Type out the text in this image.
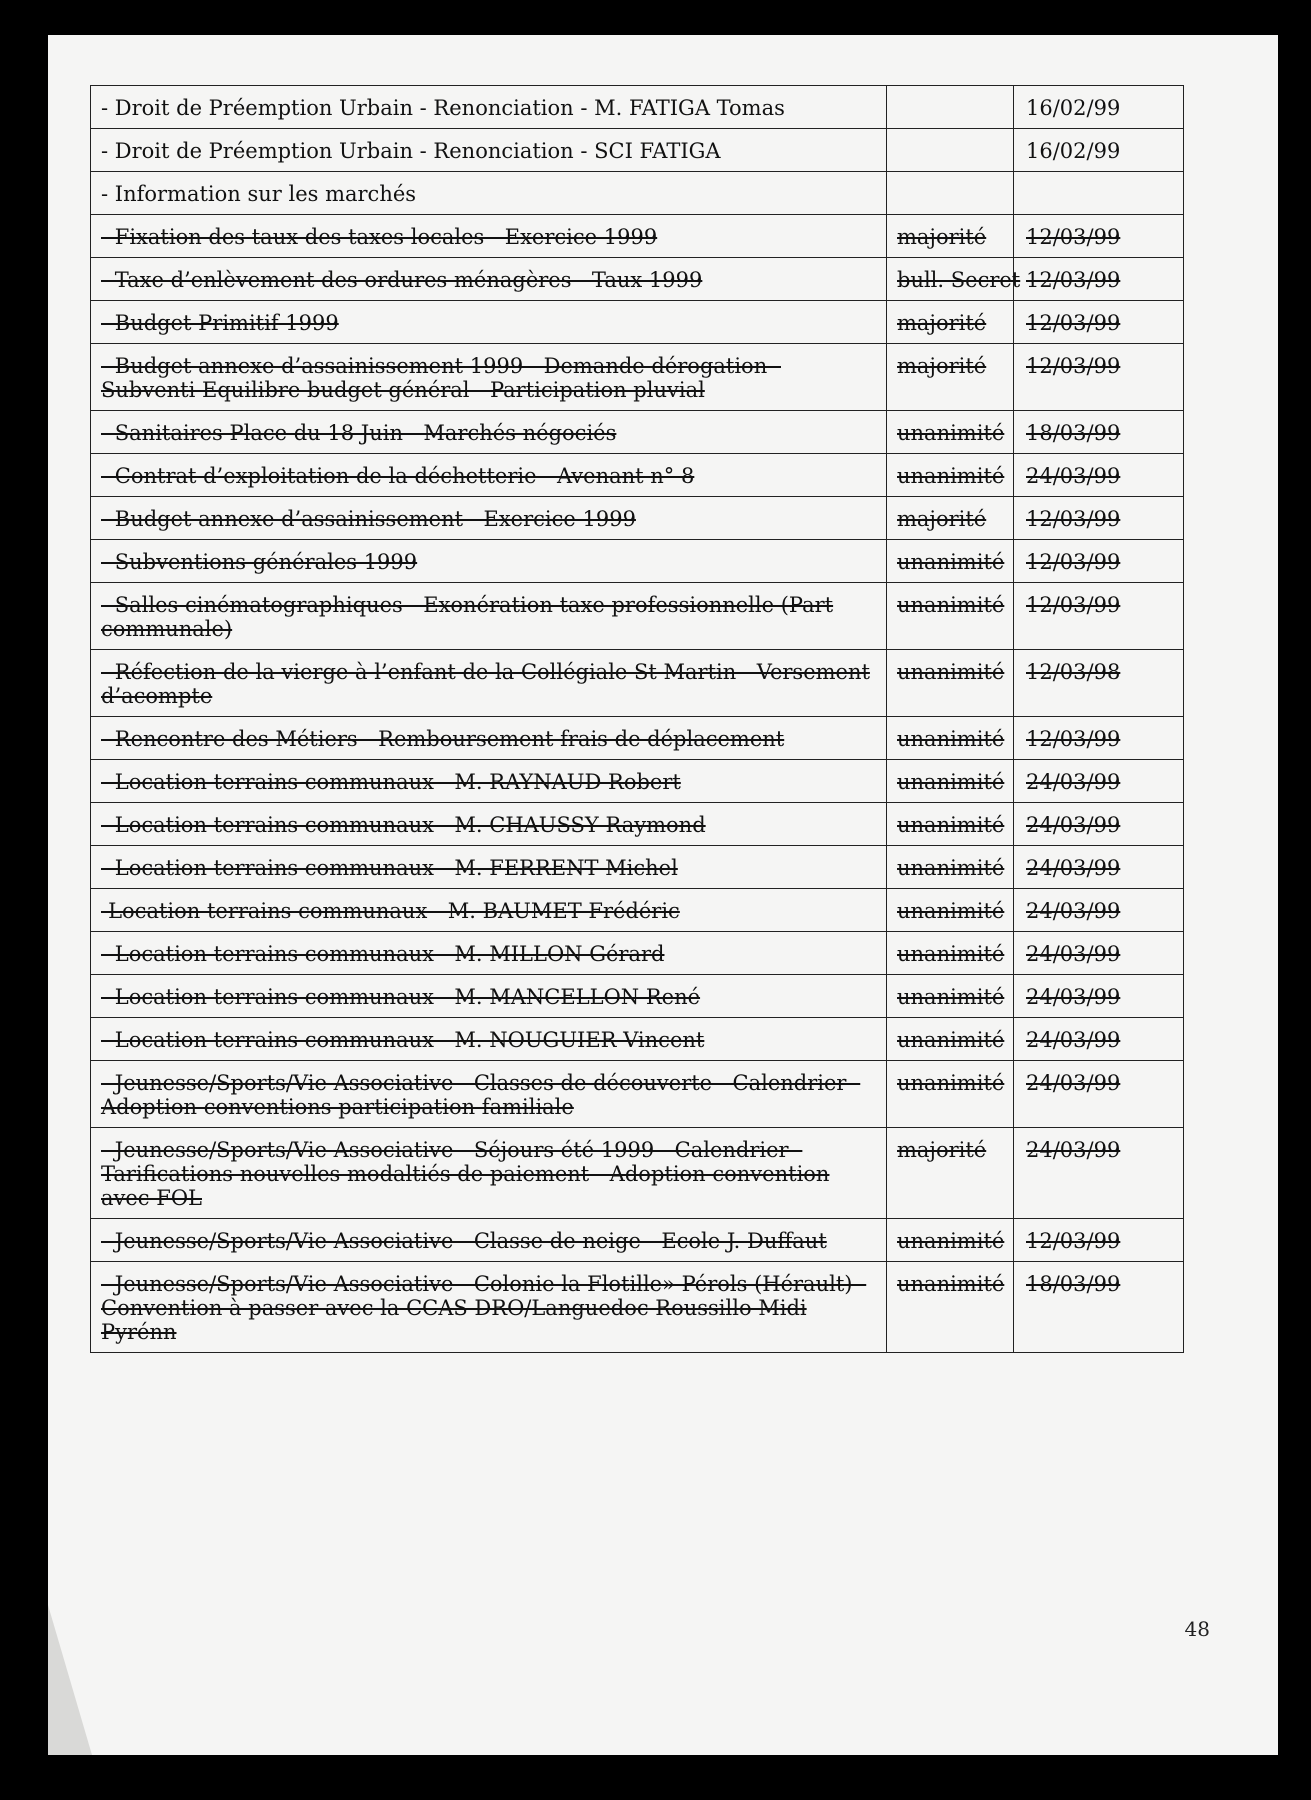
- Droit de Préemption Urbain - Renonciation - M. FATIGA Tomas		16/02/99
- Droit de Préemption Urbain - Renonciation - SCI FATIGA		16/02/99
- Information sur les marchés		
- Fixation des taux des taxes locales - Exercice 1999	majorité	12/03/99
- Taxe d’enlèvement des ordures ménagères - Taux 1999	bull. Secret	12/03/99
- Budget Primitif 1999	majorité	12/03/99
- Budget annexe d’assainissement 1999 - Demande dérogation - Subventi Equilibre budget général - Participation pluvial	majorité	12/03/99
- Sanitaires Place du 18 Juin - Marchés négociés	unanimité	18/03/99
- Contrat d’exploitation de la déchetterie - Avenant n° 8	unanimité	24/03/99
- Budget annexe d’assainissement - Exercice 1999	majorité	12/03/99
- Subventions générales 1999	unanimité	12/03/99
- Salles cinématographiques - Exonération taxe professionnelle (Part communale)	unanimité	12/03/99
- Réfection de la vierge à l’enfant de la Collégiale St Martin - Versement d’acompte	unanimité	12/03/98
- Rencontre des Métiers - Remboursement frais de déplacement	unanimité	12/03/99
- Location terrains communaux - M. RAYNAUD Robert	unanimité	24/03/99
- Location terrains communaux - M. CHAUSSY Raymond	unanimité	24/03/99
- Location terrains communaux - M. FERRENT Michel	unanimité	24/03/99
-Location terrains communaux - M. BAUMET Frédéric	unanimité	24/03/99
- Location terrains communaux - M. MILLON Gérard	unanimité	24/03/99
- Location terrains communaux - M. MANCELLON René	unanimité	24/03/99
- Location terrains communaux - M. NOUGUIER Vincent	unanimité	24/03/99
- Jeunesse/Sports/Vie Associative - Classes de découverte - Calendrier - Adoption conventions participation familiale	unanimité	24/03/99
- Jeunesse/Sports/Vie Associative - Séjours été 1999 - Calendrier - Tarifications nouvelles modaltiés de paiement - Adoption convention avec FOL	majorité	24/03/99
- Jeunesse/Sports/Vie Associative - Classe de neige - Ecole J. Duffaut	unanimité	12/03/99
- Jeunesse/Sports/Vie Associative - Colonie la Flotille» Pérols (Hérault) - Convention à passer avec la CCAS DRO/Languedoc Roussillo Midi Pyrénn	unanimité	18/03/99
48
